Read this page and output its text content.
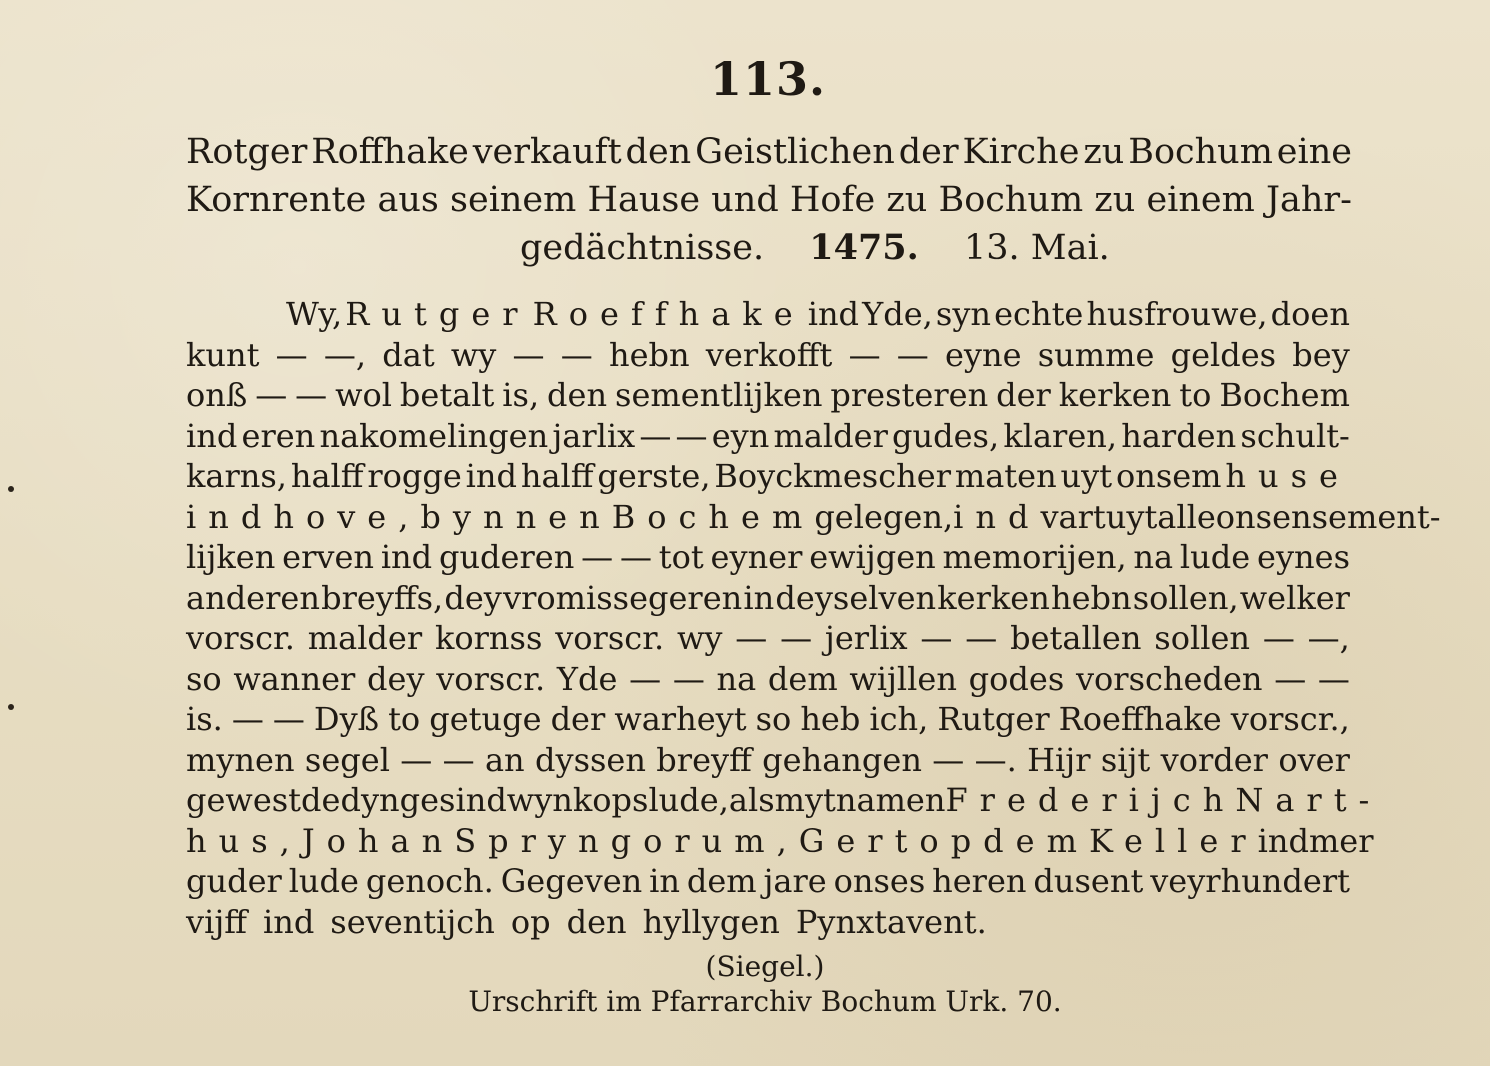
113.
Rotger Roffhake verkauft den Geistlichen der Kirche zu Bochum eine
Kornrente aus seinem Hause und Hofe zu Bochum zu einem Jahr-
gedächtnisse. 1475. 13. Mai.
Wy, Rutger Roeffhake ind Yde, syn echte husfrouwe, doen
kunt — —, dat wy — — hebn verkofft — — eyne summe geldes bey
onß — — wol betalt is, den sementlijken presteren der kerken to Bochem
ind eren nakomelingen jarlix — — eyn malder gudes, klaren, harden schult-
karns, halff rogge ind halff gerste, Boyckmescher maten uyt onsem huse
ind hove, bynnen Bochem gelegen, ind vart uyt alle onsen sement-
lijken erven ind guderen — — tot eyner ewijgen memorijen, na lude eynes
anderen breyffs, dey vromissegeren in deyselven kerken hebn sollen, welker
vorscr. malder kornss vorscr. wy — — jerlix — — betallen sollen — —,
so wanner dey vorscr. Yde — — na dem wijllen godes vorscheden — —
is. — — Dyß to getuge der warheyt so heb ich, Rutger Roeffhake vorscr.,
mynen segel — — an dyssen breyff gehangen — —. Hijr sijt vorder over
gewest dedynges ind wynkops lude, als myt namen Frederijch Nart-
hus, Johan Spryngorum, Gert op dem Keller ind mer
guder lude genoch. Gegeven in dem jare onses heren dusent veyrhundert
vijff ind seventijch op den hyllygen Pynxtavent.
(Siegel.)
Urschrift im Pfarrarchiv Bochum Urk. 70.
